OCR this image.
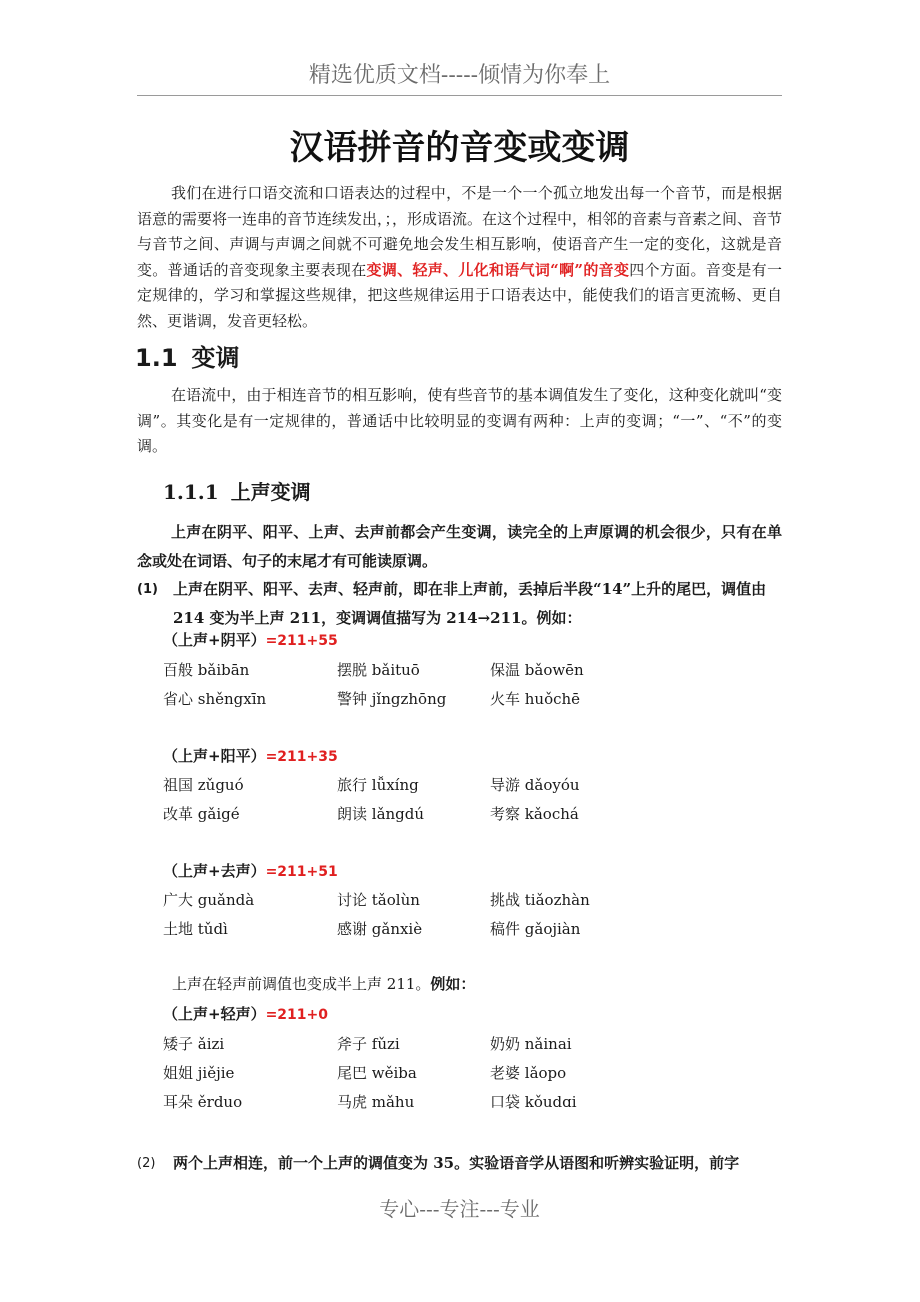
精选优质文档-----倾情为你奉上
汉语拼音的音变或变调
我们在进行口语交流和口语表达的过程中，不是一个一个孤立地发出每一个音节，而是根据语意的需要将一连串的音节连续发出，；，形成语流。在这个过程中，相邻的音素与音素之间、音节与音节之间、声调与声调之间就不可避免地会发生相互影响，使语音产生一定的变化，这就是音变。普通话的音变现象主要表现在变调、轻声、儿化和语气词“啊”的音变四个方面。音变是有一定规律的，学习和掌握这些规律，把这些规律运用于口语表达中，能使我们的语言更流畅、更自然、更谐调，发音更轻松。
1.1 变调
在语流中，由于相连音节的相互影响，使有些音节的基本调值发生了变化，这种变化就叫“变调”。其变化是有一定规律的，普通话中比较明显的变调有两种：上声的变调；“一”、“不”的变调。
1.1.1 上声变调
上声在阴平、阳平、上声、去声前都会产生变调，读完全的上声原调的机会很少，只有在单念或处在词语、句子的末尾才有可能读原调。
(1) 上声在阴平、阳平、去声、轻声前，即在非上声前，丢掉后半段“14”上升的尾巴，调值由 214 变为半上声 211，变调调值描写为 214→211。例如：
（上声+阴平）=211+55
百般 bǎibān	摆脱 bǎituō	保温 bǎowēn
省心 shěngxīn	警钟 jǐngzhōng	火车 huǒchē
（上声+阳平）=211+35
祖国 zǔguó	旅行 lǚxíng	导游 dǎoyóu
改革 gǎigé	朗读 lǎngdú	考察 kǎochá
（上声+去声）=211+51
广大 guǎndà	讨论 tǎolùn	挑战 tiǎozhàn
土地 tǔdì	感谢 gǎnxiè	稿件 gǎojiàn
上声在轻声前调值也变成半上声 211。例如：
（上声+轻声）=211+0
矮子 ǎizi	斧子 fǔzi	奶奶 nǎinai
姐姐 jiějie	尾巴 wěiba	老婆 lǎopo
耳朵 ěrduo	马虎 mǎhu	口袋 kǒudɑi
(2) 两个上声相连，前一个上声的调值变为 35。实验语音学从语图和听辨实验证明，前字
专心---专注---专业
